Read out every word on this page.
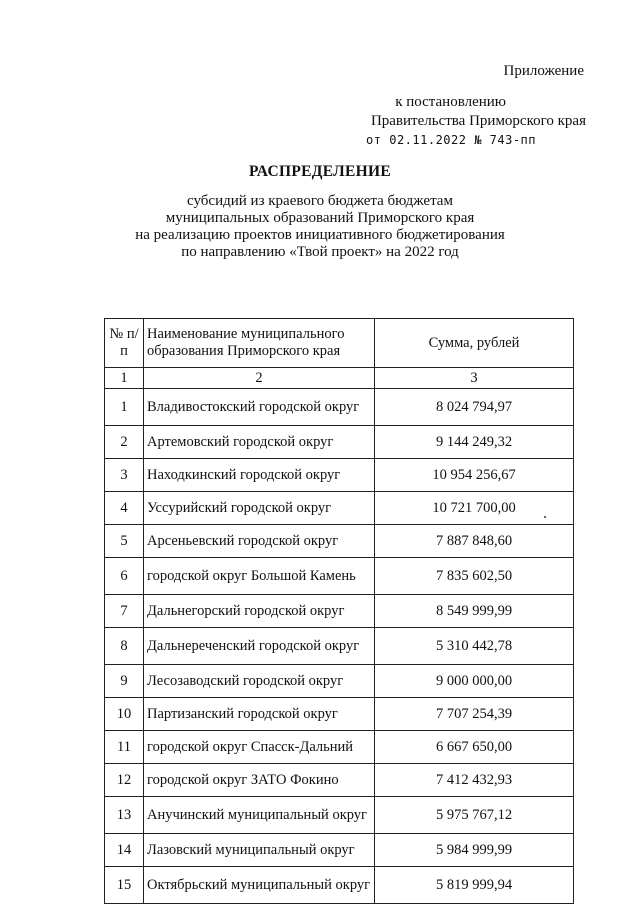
Приложение
к постановлению
Правительства Приморского края
от 02.11.2022 № 743-пп
РАСПРЕДЕЛЕНИЕ
субсидий из краевого бюджета бюджетам
муниципальных образований Приморского края
на реализацию проектов инициативного бюджетирования
по направлению «Твой проект» на 2022 год
№ п/п	Наименование муниципального образования Приморского края	Сумма, рублей
1	2	3
1	Владивостокский городской округ	8 024 794,97
2	Артемовский городской округ	9 144 249,32
3	Находкинский городской округ	10 954 256,67
4	Уссурийский городской округ	10 721 700,00
5	Арсеньевский городской округ	7 887 848,60
6	городской округ Большой Камень	7 835 602,50
7	Дальнегорский городской округ	8 549 999,99
8	Дальнереченский городской округ	5 310 442,78
9	Лесозаводский городской округ	9 000 000,00
10	Партизанский городской округ	7 707 254,39
11	городской округ Спасск-Дальний	6 667 650,00
12	городской округ ЗАТО Фокино	7 412 432,93
13	Анучинский муниципальный округ	5 975 767,12
14	Лазовский муниципальный округ	5 984 999,99
15	Октябрьский муниципальный округ	5 819 999,94
